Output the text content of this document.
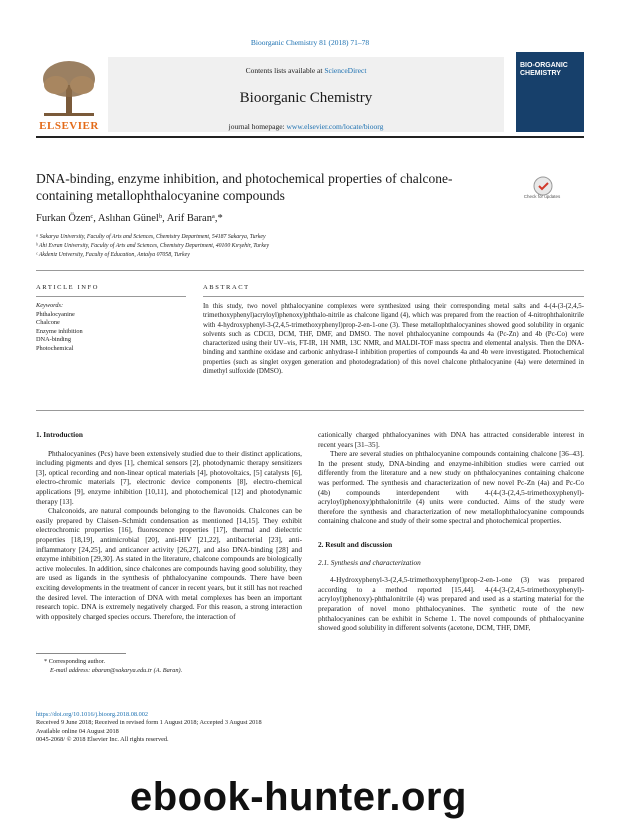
Bioorganic Chemistry 81 (2018) 71–78
ELSEVIER
Contents lists available at ScienceDirect
Bioorganic Chemistry
journal homepage: www.elsevier.com/locate/bioorg
BIO-ORGANIC
CHEMISTRY
DNA-binding, enzyme inhibition, and photochemical properties of chalcone-containing metallophthalocyanine compounds	Check for updates
Furkan Özenᶜ, Aslıhan Günelᵇ, Arif Baranᵃ,*
ᵃ Sakarya University, Faculty of Arts and Sciences, Chemistry Department, 54187 Sakarya, Turkey
ᵇ Ahi Evran University, Faculty of Arts and Sciences, Chemistry Department, 40100 Kırşehir, Turkey
ᶜ Akdeniz University, Faculty of Education, Antalya 07058, Turkey
ARTICLE INFO	ABSTRACT
Keywords:
Phthalocyanine
Chalcone
Enzyme inhibition
DNA-binding
Photochemical
In this study, two novel phthalocyanine complexes were synthesized using their corresponding metal salts and 4-(4-(3-(2,4,5-trimethoxyphenyl)acryloyl)phenoxy)phthalo-nitrile as chalcone ligand (4), which was prepared from the reaction of 4-nitrophthalonitrile with 4-hydroxyphenyl-3-(2,4,5-trimethoxyphenyl)prop-2-en-1-one (3). These metallophthalocyanines showed good solubility in organic solvents such as CDCl3, DCM, THF, DMF, and DMSO. The novel phthalocyanine compounds 4a (Pc-Zn) and 4b (Pc-Co) were characterized using their UV–vis, FT-IR, 1H NMR, 13C NMR, and MALDI-TOF mass spectra and elemental analysis. Then the DNA-binding and xanthine oxidase and carbonic anhydrase-I inhibition properties of compounds 4a and 4b were investigated. Photochemical properties (such as singlet oxygen generation and photodegradation) of this novel chalcone phthalocyanine (4a) were determined in dimethyl sulfoxide (DMSO).
1. Introduction

Phthalocyanines (Pcs) have been extensively studied due to their distinct applications, including pigments and dyes [1], chemical sensors [2], photodynamic therapy sensitizers [3], optical recording and non-linear optical materials [4], photovoltaics, [5] catalysts [6], electro-chromic materials [7], electronic device components [8], electro-chemical applications [9], enzyme inhibition [10,11], and photochemical [12] and photodynamic therapy [13].

Chalconoids, are natural compounds belonging to the flavonoids. Chalcones can be easily prepared by Claisen–Schmidt condensation as mentioned [14,15]. They exhibit electrochromic properties [16], fluorescence properties [17], thermal and dielectric properties [18,19], antimicrobial [20], anti-HIV [21,22], antibacterial [23], anti-inflammatory [24,25], and anticancer activity [26,27], and also DNA-binding [28] and enzyme inhibition [29,30]. As stated in the literature, chalcone compounds are biologically active molecules. In addition, since chalcones are compounds having good solubility, they are used as ligands in the synthesis of phthalocyanine compounds. There have been exciting developments in the treatment of cancer in recent years, but it still has not reached the desired level. The interaction of DNA with metal complexes has been an important research topic. DNA is extremely negatively charged. For this reason, a strong interaction with oppositely charged species occurs. Therefore, the interaction of

cationically charged phthalocyanines with DNA has attracted considerable interest in recent years [31–35].

There are several studies on phthalocyanine compounds containing chalcone [36–43]. In the present study, DNA-binding and enzyme-inhibition studies were carried out differently from the literature and a new study on phthalocyanines containing chalcone was performed. The synthesis and characterization of new novel Pc-Zn (4a) and Pc-Co (4b) compounds interdependent with 4-(4-(3-(2,4,5-trimethoxyphenyl)-acryloyl)phenoxy)phthalonitrile (4) units were conducted. Aims of the study were therefore the synthesis and characterization of new metallophthalocyanine compounds containing chalcone and study of their some spectral and photochemical properties.

2. Result and discussion
2.1. Synthesis and characterization

4-Hydroxyphenyl-3-(2,4,5-trimethoxyphenyl)prop-2-en-1-one (3) was prepared according to a method reported [15,44]. 4-(4-(3-(2,4,5-trimethoxyphenyl)-acryloyl)phenoxy)-phthalonitrile (4) was prepared and used as a starting material for the preparation of novel mono phthalocyanines. The synthetic route of the new phthalocyanines can be exhibit in Scheme 1. The novel compounds of phthalocyanine showed good solubility in different solvents (acetone, DCM, THF, DMF,

* Corresponding author.
E-mail address: abaran@sakarya.edu.tr (A. Baran).
https://doi.org/10.1016/j.bioorg.2018.08.002
Received 9 June 2018; Received in revised form 1 August 2018; Accepted 3 August 2018
Available online 04 August 2018
0045-2068/ © 2018 Elsevier Inc. All rights reserved.
ebook-hunter.org
